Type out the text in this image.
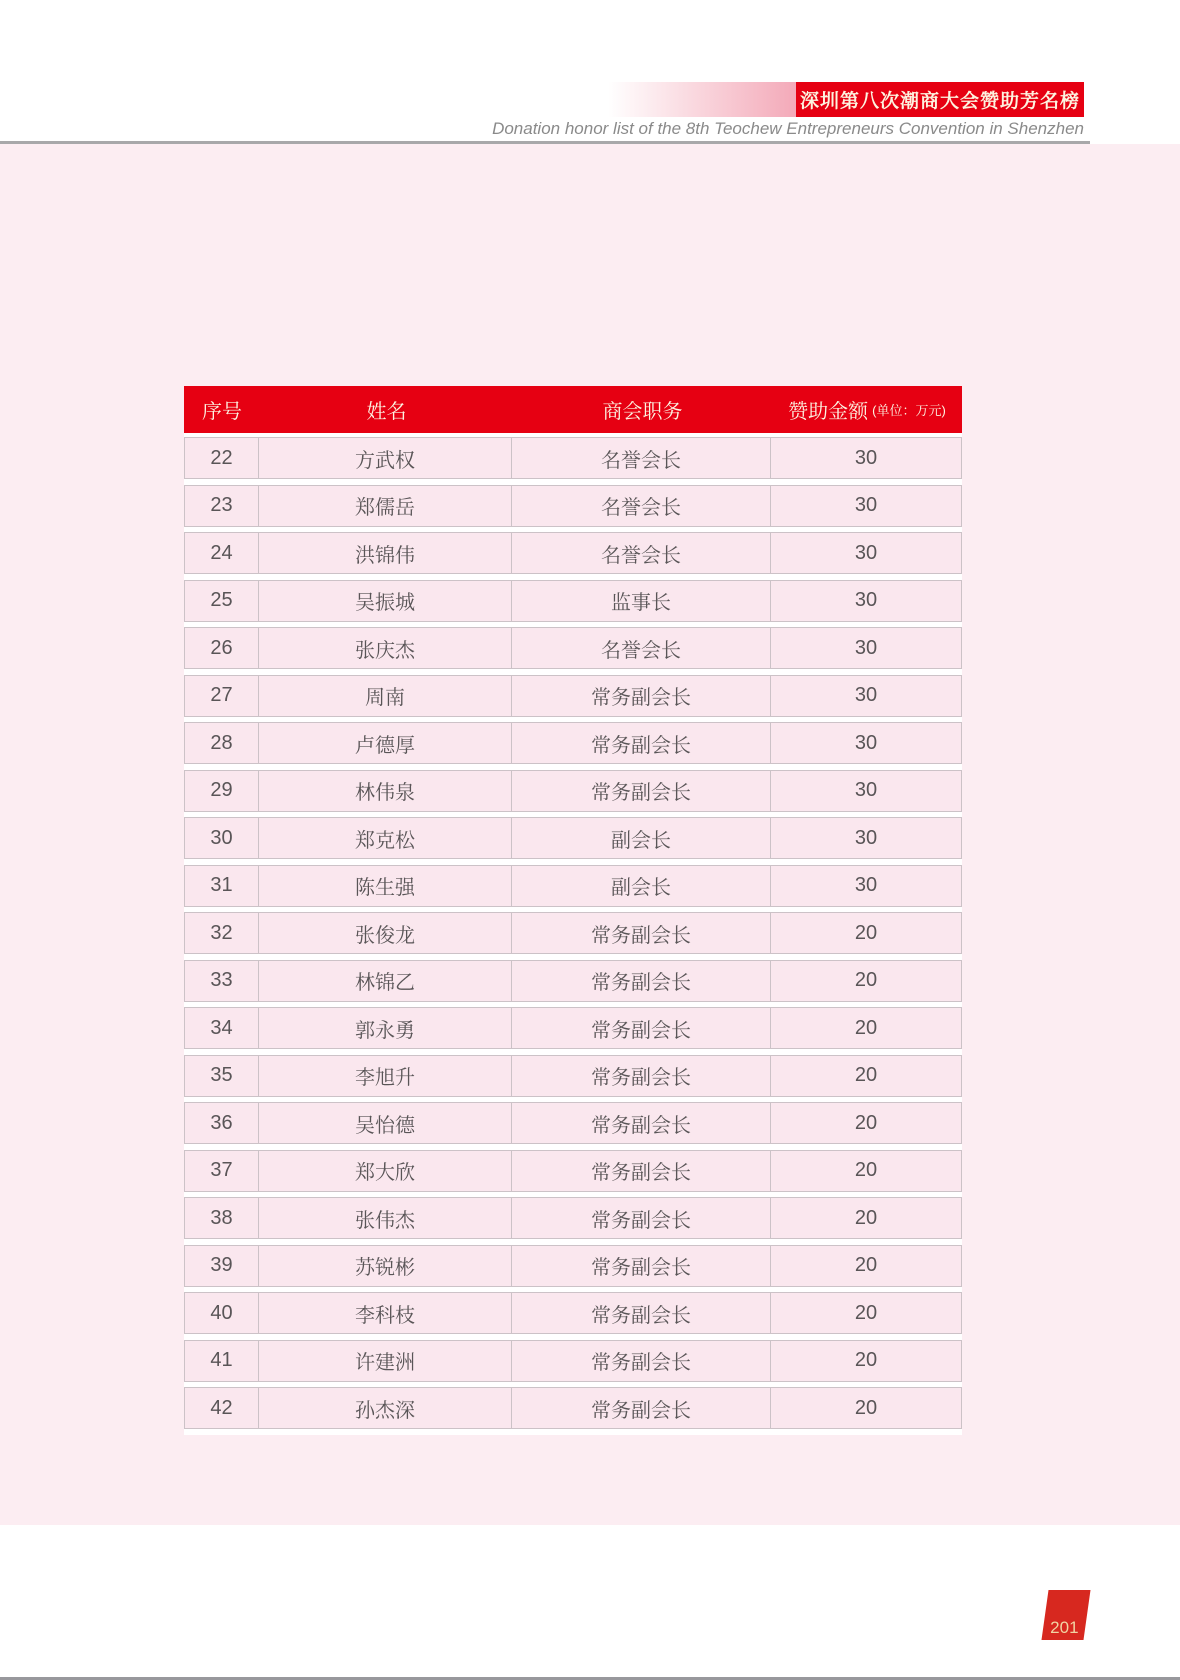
深圳第八次潮商大会赞助芳名榜
Donation honor list of the 8th Teochew Entrepreneurs Convention in Shenzhen
序号	姓名	商会职务	赞助金额 (单位：万元)
22	方武权	名誉会长	30
23	郑儒岳	名誉会长	30
24	洪锦伟	名誉会长	30
25	吴振城	监事长	30
26	张庆杰	名誉会长	30
27	周南	常务副会长	30
28	卢德厚	常务副会长	30
29	林伟泉	常务副会长	30
30	郑克松	副会长	30
31	陈生强	副会长	30
32	张俊龙	常务副会长	20
33	林锦乙	常务副会长	20
34	郭永勇	常务副会长	20
35	李旭升	常务副会长	20
36	吴怡德	常务副会长	20
37	郑大欣	常务副会长	20
38	张伟杰	常务副会长	20
39	苏锐彬	常务副会长	20
40	李科枝	常务副会长	20
41	许建洲	常务副会长	20
42	孙杰深	常务副会长	20
201
